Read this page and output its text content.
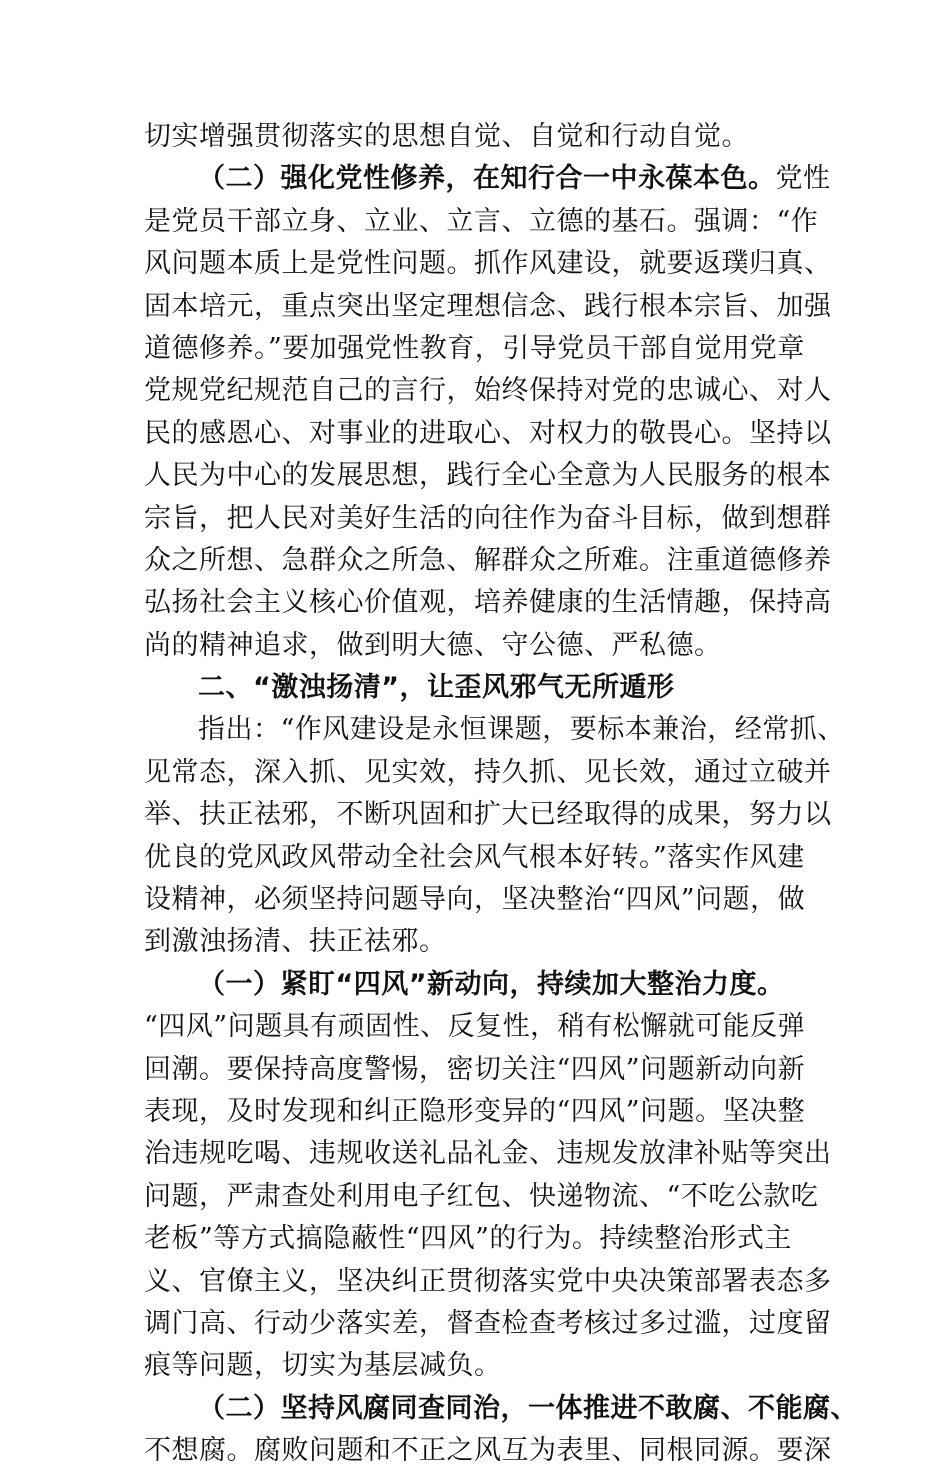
切实增强贯彻落实的思想自觉、自觉和行动自觉。
（二）强化党性修养，在知行合一中永葆本色。党性
是党员干部立身、立业、立言、立德的基石。强调：“作
风问题本质上是党性问题。抓作风建设，就要返璞归真、
固本培元，重点突出坚定理想信念、践行根本宗旨、加强
道德修养。”要加强党性教育，引导党员干部自觉用党章
党规党纪规范自己的言行，始终保持对党的忠诚心、对人
民的感恩心、对事业的进取心、对权力的敬畏心。坚持以
人民为中心的发展思想，践行全心全意为人民服务的根本
宗旨，把人民对美好生活的向往作为奋斗目标，做到想群
众之所想、急群众之所急、解群众之所难。注重道德修养
弘扬社会主义核心价值观，培养健康的生活情趣，保持高
尚的精神追求，做到明大德、守公德、严私德。
二、“激浊扬清”，让歪风邪气无所遁形
指出：“作风建设是永恒课题，要标本兼治，经常抓、
见常态，深入抓、见实效，持久抓、见长效，通过立破并
举、扶正祛邪，不断巩固和扩大已经取得的成果，努力以
优良的党风政风带动全社会风气根本好转。”落实作风建
设精神，必须坚持问题导向，坚决整治“四风”问题，做
到激浊扬清、扶正祛邪。
（一）紧盯“四风”新动向，持续加大整治力度。
“四风”问题具有顽固性、反复性，稍有松懈就可能反弹
回潮。要保持高度警惕，密切关注“四风”问题新动向新
表现，及时发现和纠正隐形变异的“四风”问题。坚决整
治违规吃喝、违规收送礼品礼金、违规发放津补贴等突出
问题，严肃查处利用电子红包、快递物流、“不吃公款吃
老板”等方式搞隐蔽性“四风”的行为。持续整治形式主
义、官僚主义，坚决纠正贯彻落实党中央决策部署表态多
调门高、行动少落实差，督查检查考核过多过滥，过度留
痕等问题，切实为基层减负。
（二）坚持风腐同查同治，一体推进不敢腐、不能腐、
不想腐。腐败问题和不正之风互为表里、同根同源。要深
